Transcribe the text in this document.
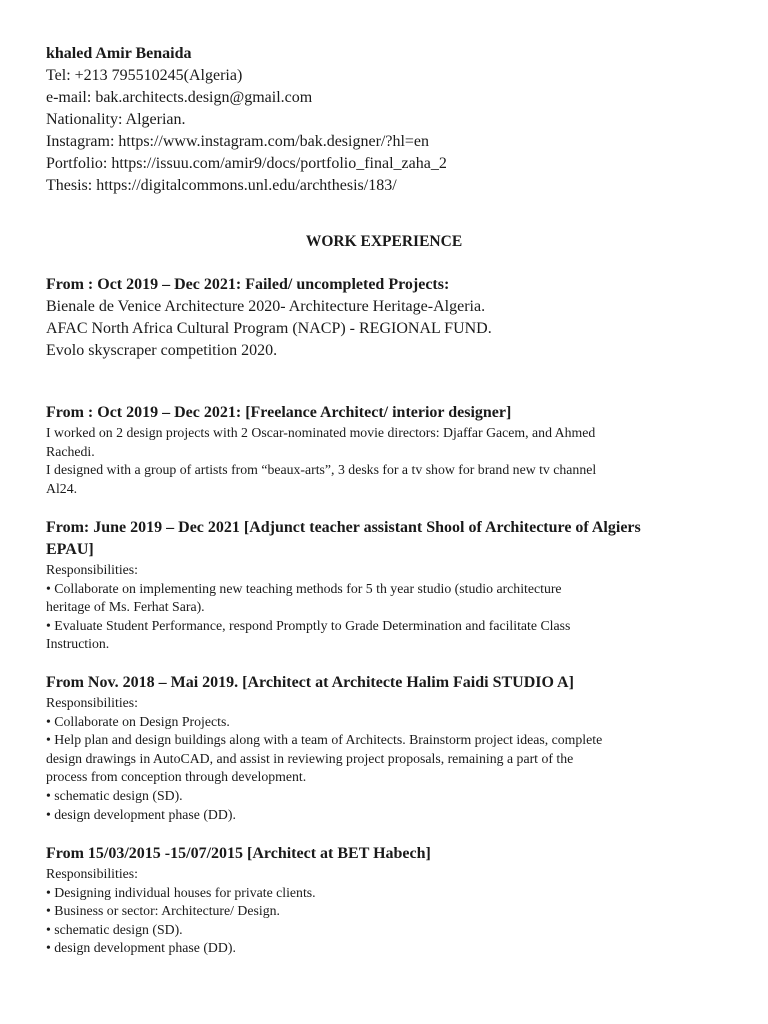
khaled Amir Benaida
Tel: +213 795510245(Algeria)
e-mail: bak.architects.design@gmail.com
Nationality: Algerian.
Instagram: https://www.instagram.com/bak.designer/?hl=en
Portfolio: https://issuu.com/amir9/docs/portfolio_final_zaha_2
Thesis: https://digitalcommons.unl.edu/archthesis/183/
WORK EXPERIENCE
From : Oct 2019 – Dec 2021: Failed/ uncompleted Projects:
Bienale de Venice Architecture 2020- Architecture Heritage-Algeria.
AFAC North Africa Cultural Program (NACP) - REGIONAL FUND.
Evolo skyscraper competition 2020.
From : Oct 2019 – Dec 2021: [Freelance Architect/ interior designer]
I worked on 2 design projects with 2 Oscar-nominated movie directors: Djaffar Gacem, and Ahmed
Rachedi.
I designed with a group of artists from “beaux-arts”, 3 desks for a tv show for brand new tv channel
Al24.
From: June 2019 – Dec 2021 [Adjunct teacher assistant Shool of Architecture of Algiers
EPAU]
Responsibilities:
• Collaborate on implementing new teaching methods for 5 th year studio (studio architecture
heritage of Ms. Ferhat Sara).
• Evaluate Student Performance, respond Promptly to Grade Determination and facilitate Class
Instruction.
From Nov. 2018 – Mai 2019. [Architect at Architecte Halim Faidi STUDIO A]
Responsibilities:
• Collaborate on Design Projects.
• Help plan and design buildings along with a team of Architects. Brainstorm project ideas, complete
design drawings in AutoCAD, and assist in reviewing project proposals, remaining a part of the
process from conception through development.
• schematic design (SD).
• design development phase (DD).
From 15/03/2015 -15/07/2015 [Architect at BET Habech]
Responsibilities:
• Designing individual houses for private clients.
• Business or sector: Architecture/ Design.
• schematic design (SD).
• design development phase (DD).
